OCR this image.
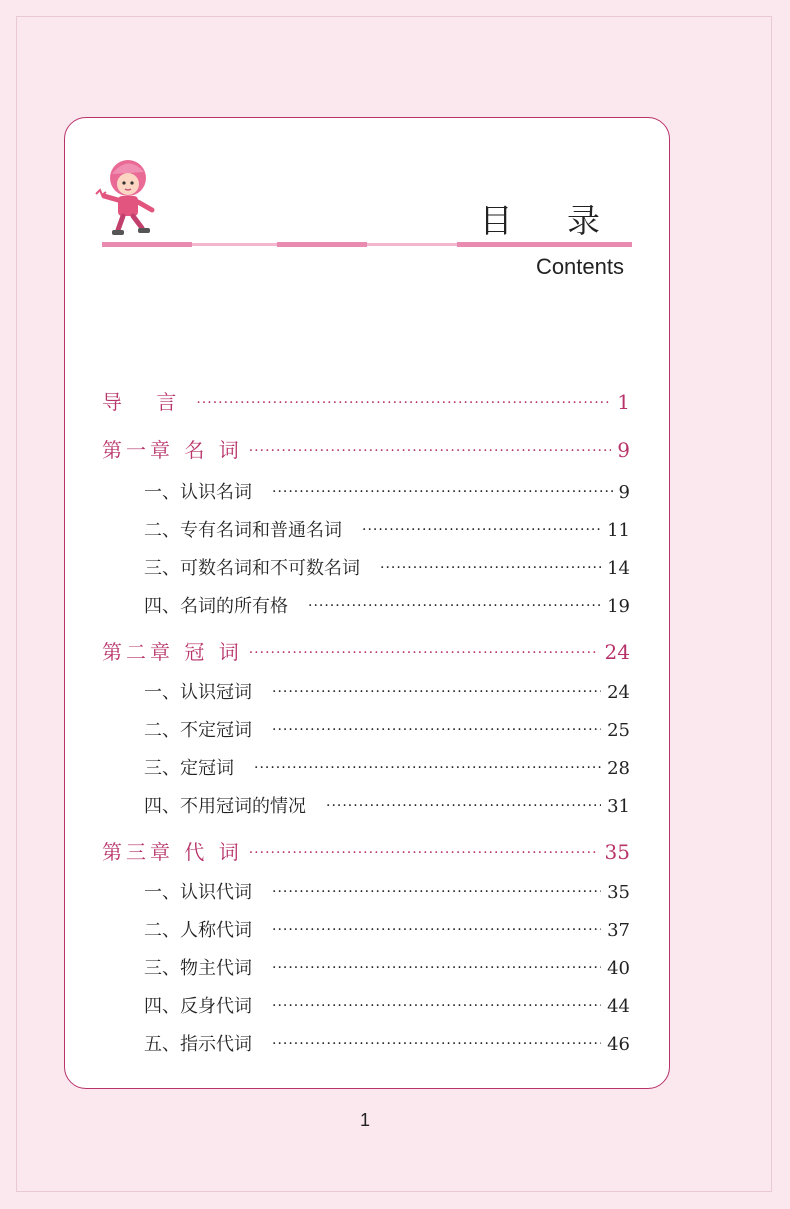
目 录
Contents
导 言 ·····	1
第一章 名 词 ·····	9
一、认识名词 ·····	9
二、专有名词和普通名词 ·····	11
三、可数名词和不可数名词 ·····	14
四、名词的所有格 ·····	19
第二章 冠 词 ·····	24
一、认识冠词 ·····	24
二、不定冠词 ·····	25
三、定冠词 ·····	28
四、不用冠词的情况 ·····	31
第三章 代 词 ·····	35
一、认识代词 ·····	35
二、人称代词 ·····	37
三、物主代词 ·····	40
四、反身代词 ·····	44
五、指示代词 ·····	46
1
